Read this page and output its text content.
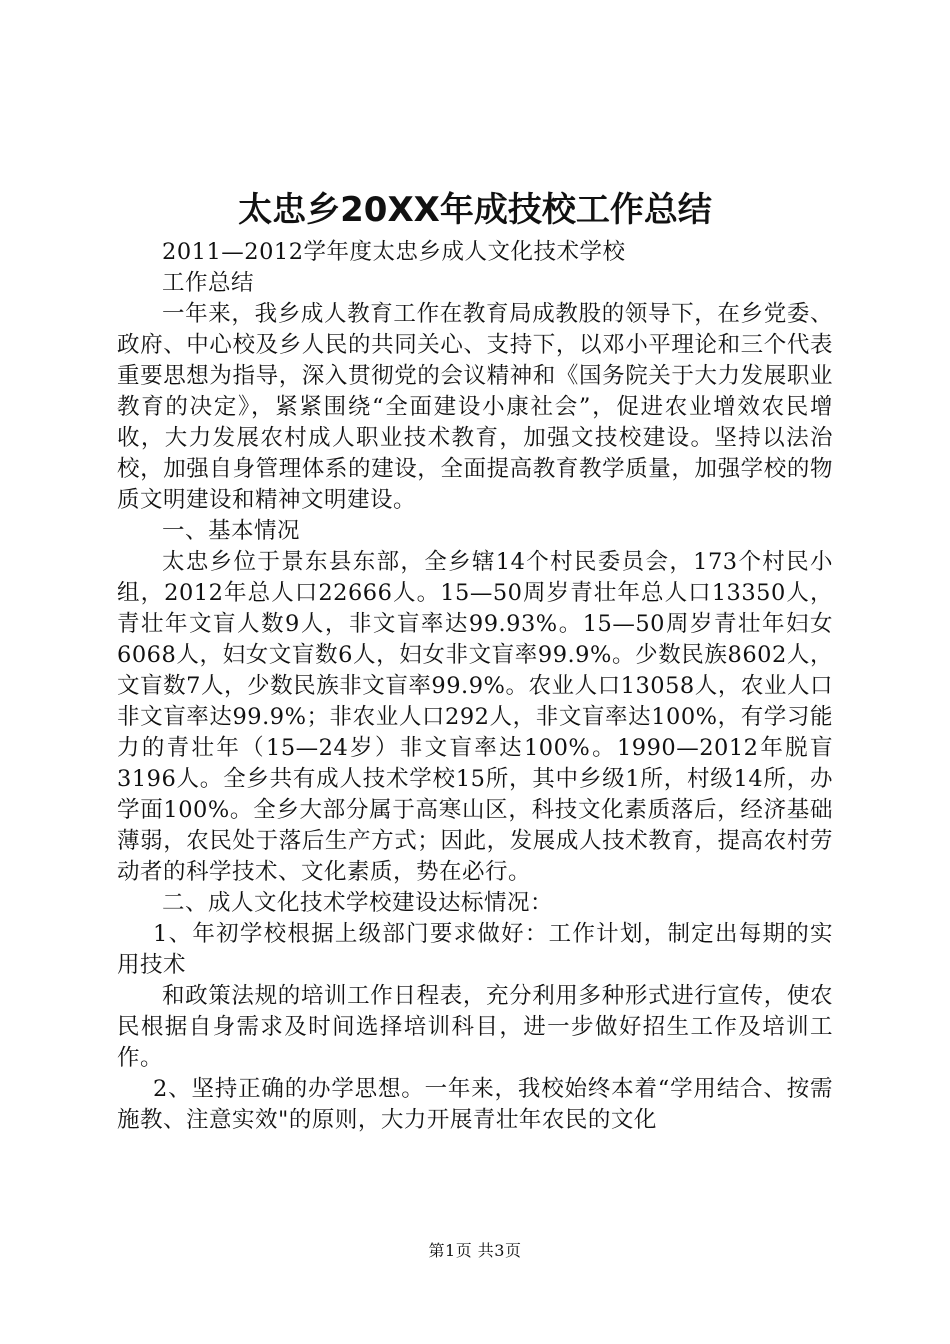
太忠乡20XX年成技校工作总结

2011—2012学年度太忠乡成人文化技术学校

工作总结

一年来，我乡成人教育工作在教育局成教股的领导下，在乡党委、政府、中心校及乡人民的共同关心、支持下，以邓小平理论和三个代表重要思想为指导，深入贯彻党的会议精神和《国务院关于大力发展职业教育的决定》，紧紧围绕“全面建设小康社会”，促进农业增效农民增收，大力发展农村成人职业技术教育，加强文技校建设。坚持以法治校，加强自身管理体系的建设，全面提高教育教学质量，加强学校的物质文明建设和精神文明建设。

一、基本情况

太忠乡位于景东县东部，全乡辖14个村民委员会，173个村民小组，2012年总人口22666人。15—50周岁青壮年总人口13350人，青壮年文盲人数9人，非文盲率达99.93%。15—50周岁青壮年妇女6068人，妇女文盲数6人，妇女非文盲率99.9%。少数民族8602人，文盲数7人，少数民族非文盲率99.9%。农业人口13058人，农业人口非文盲率达99.9%；非农业人口292人，非文盲率达100%，有学习能力的青壮年（15—24岁）非文盲率达100%。1990—2012年脱盲3196人。全乡共有成人技术学校15所，其中乡级1所，村级14所，办学面100%。全乡大部分属于高寒山区，科技文化素质落后，经济基础薄弱，农民处于落后生产方式；因此，发展成人技术教育，提高农村劳动者的科学技术、文化素质，势在必行。

二、成人文化技术学校建设达标情况：

1、年初学校根据上级部门要求做好：工作计划，制定出每期的实用技术

和政策法规的培训工作日程表，充分利用多种形式进行宣传，使农民根据自身需求及时间选择培训科目，进一步做好招生工作及培训工作。

2、坚持正确的办学思想。一年来，我校始终本着“学用结合、按需施教、注意实效"的原则，大力开展青壮年农民的文化

第1页 共3页
